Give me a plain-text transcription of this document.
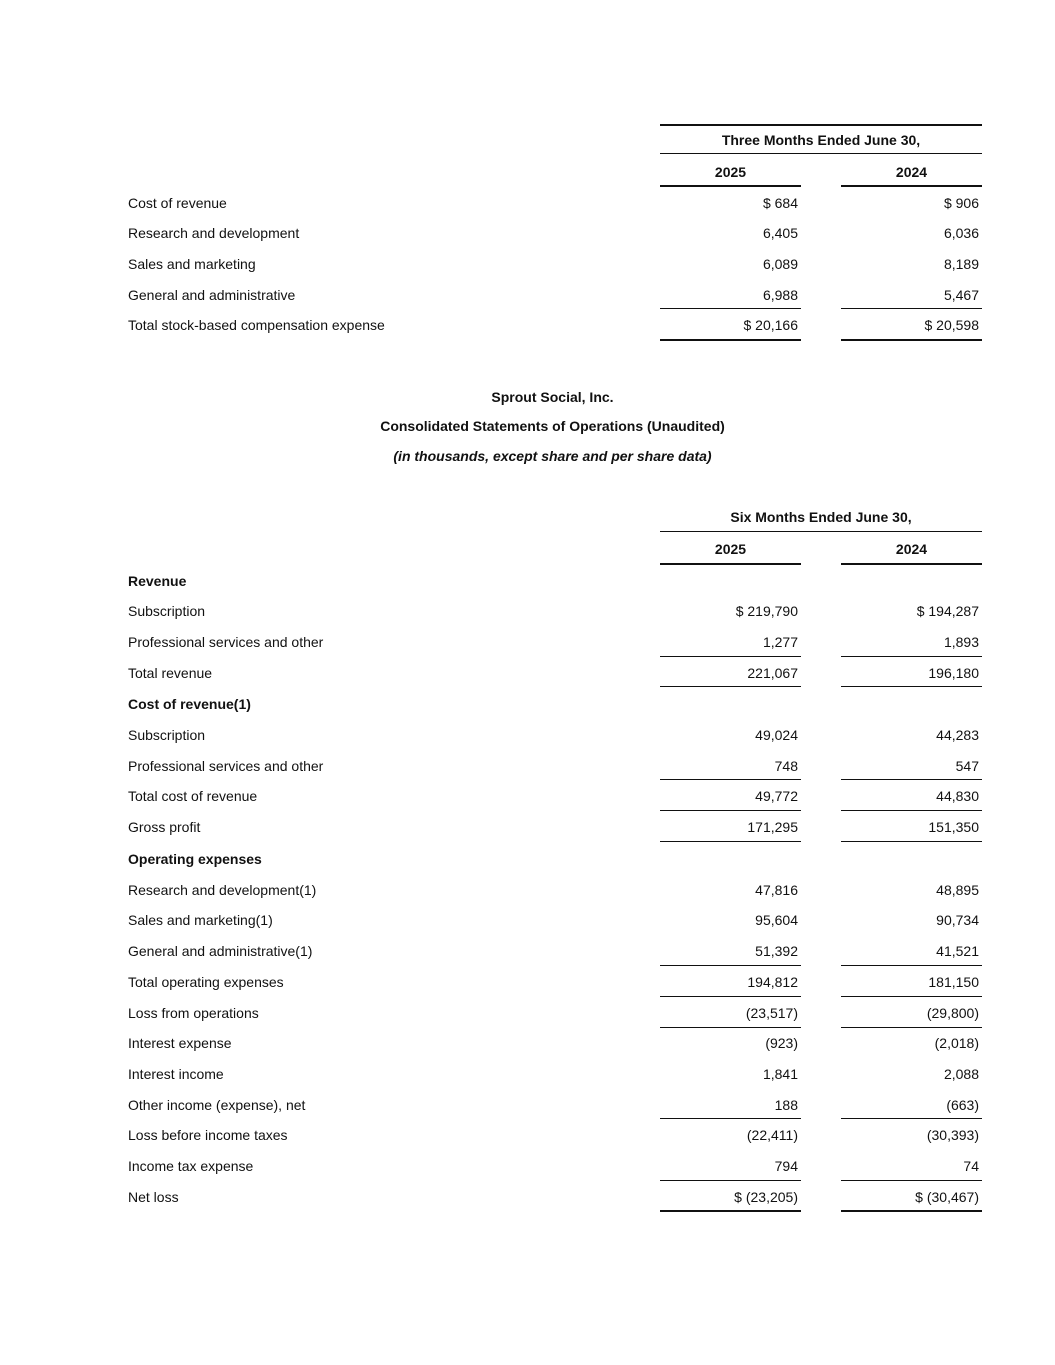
Three Months Ended June 30,
2025	2024
Cost of revenue	$ 684	$ 906
Research and development	6,405	6,036
Sales and marketing	6,089	8,189
General and administrative	6,988	5,467
Total stock-based compensation expense	$ 20,166	$ 20,598
Sprout Social, Inc.
Consolidated Statements of Operations (Unaudited)
(in thousands, except share and per share data)
Six Months Ended June 30,
2025	2024
Revenue
Subscription	$ 219,790	$ 194,287
Professional services and other	1,277	1,893
Total revenue	221,067	196,180
Cost of revenue(1)
Subscription	49,024	44,283
Professional services and other	748	547
Total cost of revenue	49,772	44,830
Gross profit	171,295	151,350
Operating expenses
Research and development(1)	47,816	48,895
Sales and marketing(1)	95,604	90,734
General and administrative(1)	51,392	41,521
Total operating expenses	194,812	181,150
Loss from operations	(23,517)	(29,800)
Interest expense	(923)	(2,018)
Interest income	1,841	2,088
Other income (expense), net	188	(663)
Loss before income taxes	(22,411)	(30,393)
Income tax expense	794	74
Net loss	$ (23,205)	$ (30,467)
